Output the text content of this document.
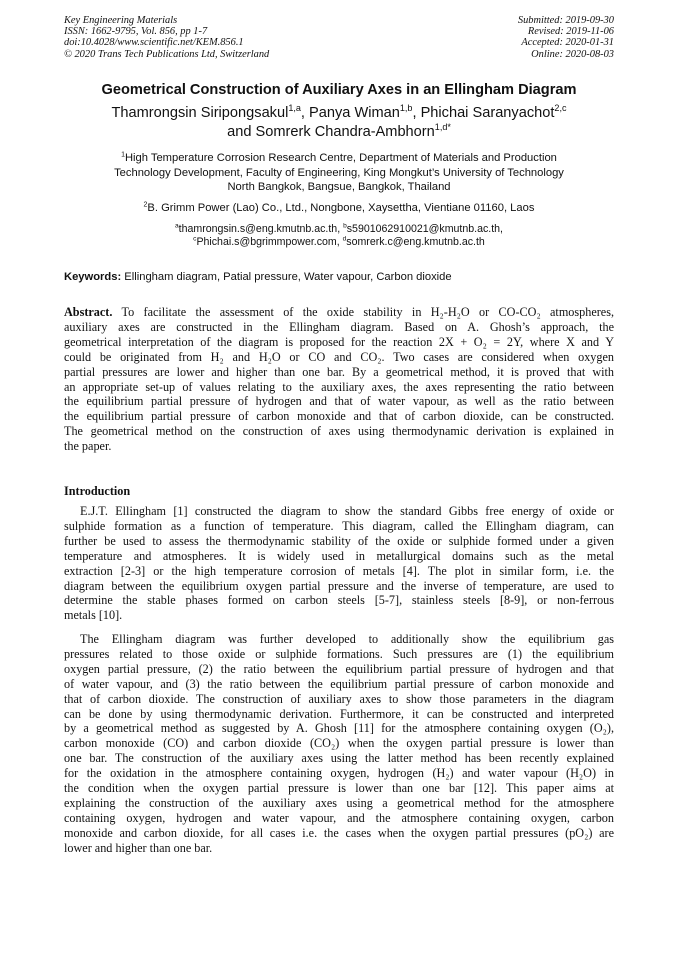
Key Engineering Materials
ISSN: 1662-9795, Vol. 856, pp 1-7
doi:10.4028/www.scientific.net/KEM.856.1
© 2020 Trans Tech Publications Ltd, Switzerland
Submitted: 2019-09-30
Revised: 2019-11-06
Accepted: 2020-01-31
Online: 2020-08-03
Geometrical Construction of Auxiliary Axes in an Ellingham Diagram
Thamrongsin Siripongsakul$^{1,a}$, Panya Wiman$^{1,b}$, Phichai Saranyachot$^{2,c}$
and Somrerk Chandra-Ambhorn$^{1,d*}$
$^1$High Temperature Corrosion Research Centre, Department of Materials and Production
Technology Development, Faculty of Engineering, King Mongkut’s University of Technology
North Bangkok, Bangsue, Bangkok, Thailand
$^2$B. Grimm Power (Lao) Co., Ltd., Nongbone, Xaysettha, Vientiane 01160, Laos
$^a$thamrongsin.s@eng.kmutnb.ac.th, $^b$s5901062910021@kmutnb.ac.th,
$^c$Phichai.s@bgrimmpower.com, $^d$somrerk.c@eng.kmutnb.ac.th
Keywords: Ellingham diagram, Patial pressure, Water vapour, Carbon dioxide
Abstract. To facilitate the assessment of the oxide stability in H₂-H₂O or CO-CO₂ atmospheres,
auxiliary axes are constructed in the Ellingham diagram. Based on A. Ghosh’s approach, the
geometrical interpretation of the diagram is proposed for the reaction 2X + O₂ = 2Y, where X and Y
could be originated from H₂ and H₂O or CO and CO₂. Two cases are considered when oxygen
partial pressures are lower and higher than one bar. By a geometrical method, it is proved that with
an appropriate set-up of values relating to the auxiliary axes, the axes representing the ratio between
the equilibrium partial pressure of hydrogen and that of water vapour, as well as the ratio between
the equilibrium partial pressure of carbon monoxide and that of carbon dioxide, can be constructed.
The geometrical method on the construction of axes using thermodynamic derivation is explained in
the paper.
Introduction
E.J.T. Ellingham [1] constructed the diagram to show the standard Gibbs free energy of oxide or
sulphide formation as a function of temperature. This diagram, called the Ellingham diagram, can
further be used to assess the thermodynamic stability of the oxide or sulphide formed under a given
temperature and atmospheres. It is widely used in metallurgical domains such as the metal
extraction [2-3] or the high temperature corrosion of metals [4]. The plot in similar form, i.e. the
diagram between the equilibrium oxygen partial pressure and the inverse of temperature, are used to
determine the stable phases formed on carbon steels [5-7], stainless steels [8-9], or non-ferrous
metals [10].
The Ellingham diagram was further developed to additionally show the equilibrium gas
pressures related to those oxide or sulphide formations. Such pressures are (1) the equilibrium
oxygen partial pressure, (2) the ratio between the equilibrium partial pressure of hydrogen and that
of water vapour, and (3) the ratio between the equilibrium partial pressure of carbon monoxide and
that of carbon dioxide. The construction of auxiliary axes to show those parameters in the diagram
can be done by using thermodynamic derivation. Furthermore, it can be constructed and interpreted
by a geometrical method as suggested by A. Ghosh [11] for the atmosphere containing oxygen (O₂),
carbon monoxide (CO) and carbon dioxide (CO₂) when the oxygen partial pressure is lower than
one bar. The construction of the auxiliary axes using the latter method has been recently explained
for the oxidation in the atmosphere containing oxygen, hydrogen (H₂) and water vapour (H₂O) in
the condition when the oxygen partial pressure is lower than one bar [12]. This paper aims at
explaining the construction of the auxiliary axes using a geometrical method for the atmosphere
containing oxygen, hydrogen and water vapour, and the atmosphere containing oxygen, carbon
monoxide and carbon dioxide, for all cases i.e. the cases when the oxygen partial pressures (pO₂) are
lower and higher than one bar.
